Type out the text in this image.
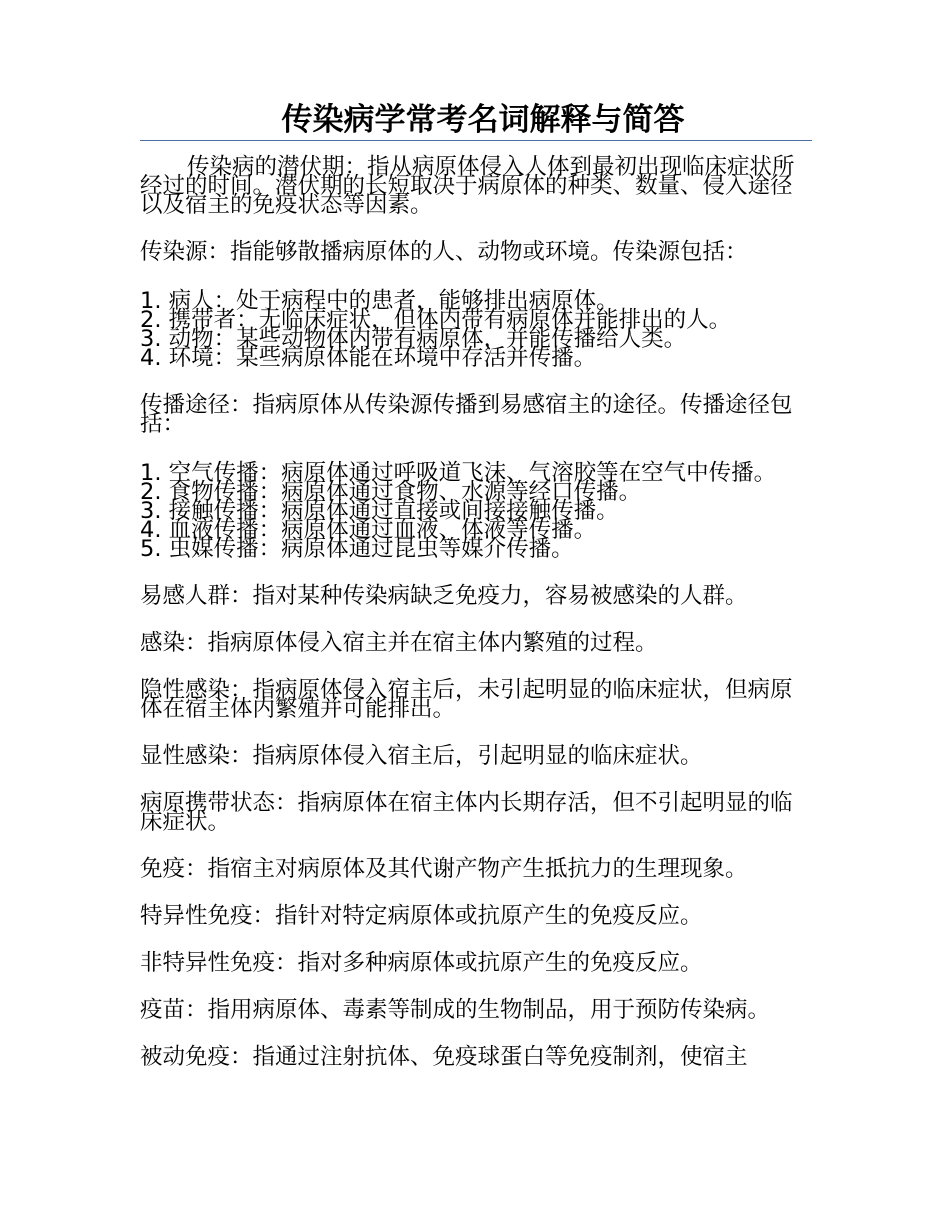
传染病学常考名词解释与简答

传染病的潜伏期：指从病原体侵入人体到最初出现临床症状所经过的时间。潜伏期的长短取决于病原体的种类、数量、侵入途径以及宿主的免疫状态等因素。

传染源：指能够散播病原体的人、动物或环境。传染源包括：

1. 病人：处于病程中的患者，能够排出病原体。
2. 携带者：无临床症状，但体内带有病原体并能排出的人。
3. 动物：某些动物体内带有病原体，并能传播给人类。
4. 环境：某些病原体能在环境中存活并传播。

传播途径：指病原体从传染源传播到易感宿主的途径。传播途径包括：

1. 空气传播：病原体通过呼吸道飞沫、气溶胶等在空气中传播。
2. 食物传播：病原体通过食物、水源等经口传播。
3. 接触传播：病原体通过直接或间接接触传播。
4. 血液传播：病原体通过血液、体液等传播。
5. 虫媒传播：病原体通过昆虫等媒介传播。

易感人群：指对某种传染病缺乏免疫力，容易被感染的人群。

感染：指病原体侵入宿主并在宿主体内繁殖的过程。

隐性感染：指病原体侵入宿主后，未引起明显的临床症状，但病原体在宿主体内繁殖并可能排出。

显性感染：指病原体侵入宿主后，引起明显的临床症状。

病原携带状态：指病原体在宿主体内长期存活，但不引起明显的临床症状。

免疫：指宿主对病原体及其代谢产物产生抵抗力的生理现象。

特异性免疫：指针对特定病原体或抗原产生的免疫反应。

非特异性免疫：指对多种病原体或抗原产生的免疫反应。

疫苗：指用病原体、毒素等制成的生物制品，用于预防传染病。

被动免疫：指通过注射抗体、免疫球蛋白等免疫制剂，使宿主
